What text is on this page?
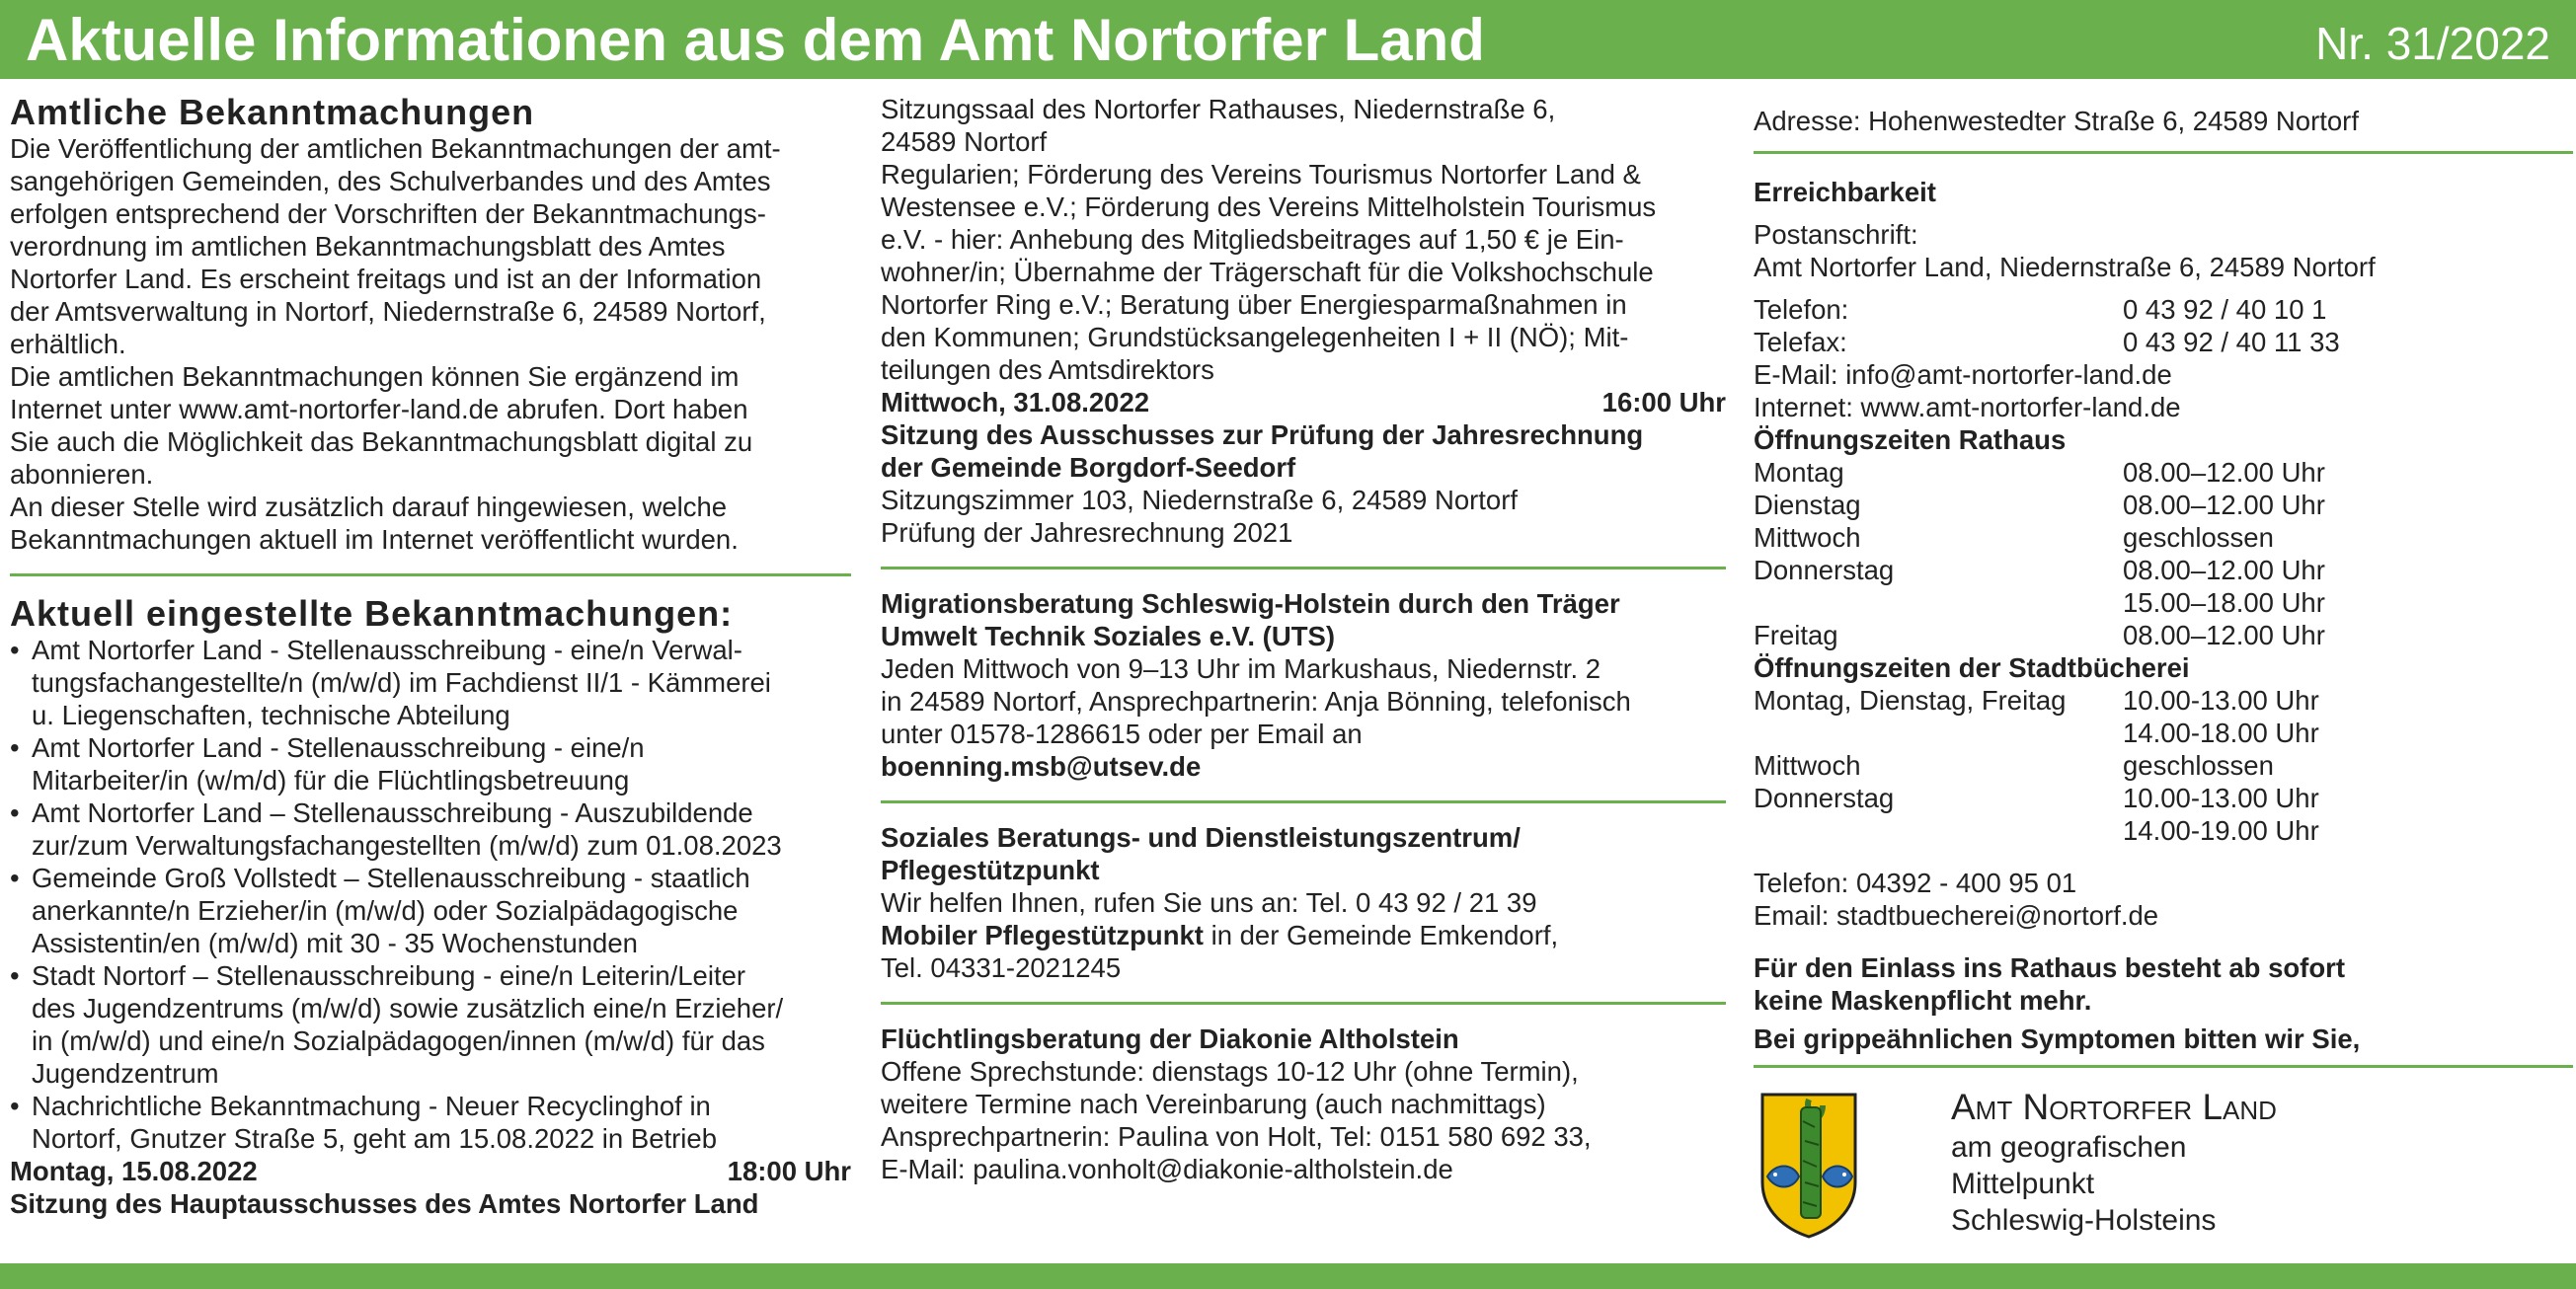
Aktuelle Informationen aus dem Amt Nortorfer Land	Nr. 31/2022
Amtliche Bekanntmachungen
Die Veröffentlichung der amtlichen Bekanntmachungen der amt-
sangehörigen Gemeinden, des Schulverbandes und des Amtes
erfolgen entsprechend der Vorschriften der Bekanntmachungs-
verordnung im amtlichen Bekanntmachungsblatt des Amtes
Nortorfer Land. Es erscheint freitags und ist an der Information
der Amtsverwaltung in Nortorf, Niedernstraße 6, 24589 Nortorf,
erhältlich.
Die amtlichen Bekanntmachungen können Sie ergänzend im
Internet unter www.amt-nortorfer-land.de abrufen. Dort haben
Sie auch die Möglichkeit das Bekanntmachungsblatt digital zu
abonnieren.
An dieser Stelle wird zusätzlich darauf hingewiesen, welche
Bekanntmachungen aktuell im Internet veröffentlicht wurden.
Aktuell eingestellte Bekanntmachungen:
• Amt Nortorfer Land - Stellenausschreibung - eine/n Verwal-
tungsfachangestellte/n (m/w/d) im Fachdienst II/1 - Kämmerei
u. Liegenschaften, technische Abteilung
• Amt Nortorfer Land - Stellenausschreibung - eine/n
Mitarbeiter/in (w/m/d) für die Flüchtlingsbetreuung
• Amt Nortorfer Land – Stellenausschreibung - Auszubildende
zur/zum Verwaltungsfachangestellten (m/w/d) zum 01.08.2023
• Gemeinde Groß Vollstedt – Stellenausschreibung - staatlich
anerkannte/n Erzieher/in (m/w/d) oder Sozialpädagogische
Assistentin/en (m/w/d) mit 30 - 35 Wochenstunden
• Stadt Nortorf – Stellenausschreibung - eine/n Leiterin/Leiter
des Jugendzentrums (m/w/d) sowie zusätzlich eine/n Erzieher/
in (m/w/d) und eine/n Sozialpädagogen/innen (m/w/d) für das
Jugendzentrum
• Nachrichtliche Bekanntmachung - Neuer Recyclinghof in
Nortorf, Gnutzer Straße 5, geht am 15.08.2022 in Betrieb
Montag, 15.08.2022	18:00 Uhr
Sitzung des Hauptausschusses des Amtes Nortorfer Land
Sitzungssaal des Nortorfer Rathauses, Niedernstraße 6,
24589 Nortorf
Regularien; Förderung des Vereins Tourismus Nortorfer Land &
Westensee e.V.; Förderung des Vereins Mittelholstein Tourismus
e.V. - hier: Anhebung des Mitgliedsbeitrages auf 1,50 € je Ein-
wohner/in; Übernahme der Trägerschaft für die Volkshochschule
Nortorfer Ring e.V.; Beratung über Energiesparmaßnahmen in
den Kommunen; Grundstücksangelegenheiten I + II (NÖ); Mit-
teilungen des Amtsdirektors
Mittwoch, 31.08.2022	16:00 Uhr
Sitzung des Ausschusses zur Prüfung der Jahresrechnung
der Gemeinde Borgdorf-Seedorf
Sitzungszimmer 103, Niedernstraße 6, 24589 Nortorf
Prüfung der Jahresrechnung 2021
Migrationsberatung Schleswig-Holstein durch den Träger
Umwelt Technik Soziales e.V. (UTS)
Jeden Mittwoch von 9–13 Uhr im Markushaus, Niedernstr. 2
in 24589 Nortorf, Ansprechpartnerin: Anja Bönning, telefonisch
unter 01578-1286615 oder per Email an
boenning.msb@utsev.de
Soziales Beratungs- und Dienstleistungszentrum/
Pflegestützpunkt
Wir helfen Ihnen, rufen Sie uns an: Tel. 0 43 92 / 21 39
Mobiler Pflegestützpunkt in der Gemeinde Emkendorf,
Tel. 04331-2021245
Flüchtlingsberatung der Diakonie Altholstein
Offene Sprechstunde: dienstags 10-12 Uhr (ohne Termin),
weitere Termine nach Vereinbarung (auch nachmittags)
Ansprechpartnerin: Paulina von Holt, Tel: 0151 580 692 33,
E-Mail: paulina.vonholt@diakonie-altholstein.de
Adresse: Hohenwestedter Straße 6, 24589 Nortorf
Erreichbarkeit
Postanschrift:
Amt Nortorfer Land, Niedernstraße 6, 24589 Nortorf
Telefon:	0 43 92 / 40 10 1
Telefax:	0 43 92 / 40 11 33
E-Mail: info@amt-nortorfer-land.de
Internet: www.amt-nortorfer-land.de
Öffnungszeiten Rathaus
Montag	08.00–12.00 Uhr
Dienstag	08.00–12.00 Uhr
Mittwoch	geschlossen
Donnerstag	08.00–12.00 Uhr
15.00–18.00 Uhr
Freitag	08.00–12.00 Uhr
Öffnungszeiten der Stadtbücherei
Montag, Dienstag, Freitag	10.00-13.00 Uhr
14.00-18.00 Uhr
Mittwoch	geschlossen
Donnerstag	10.00-13.00 Uhr
14.00-19.00 Uhr
Telefon: 04392 - 400 95 01
Email: stadtbuecherei@nortorf.de
Für den Einlass ins Rathaus besteht ab sofort
keine Maskenpflicht mehr.
Bei grippeähnlichen Symptomen bitten wir Sie,
Amt Nortorfer Land
am geografischen
Mittelpunkt
Schleswig-Holsteins
